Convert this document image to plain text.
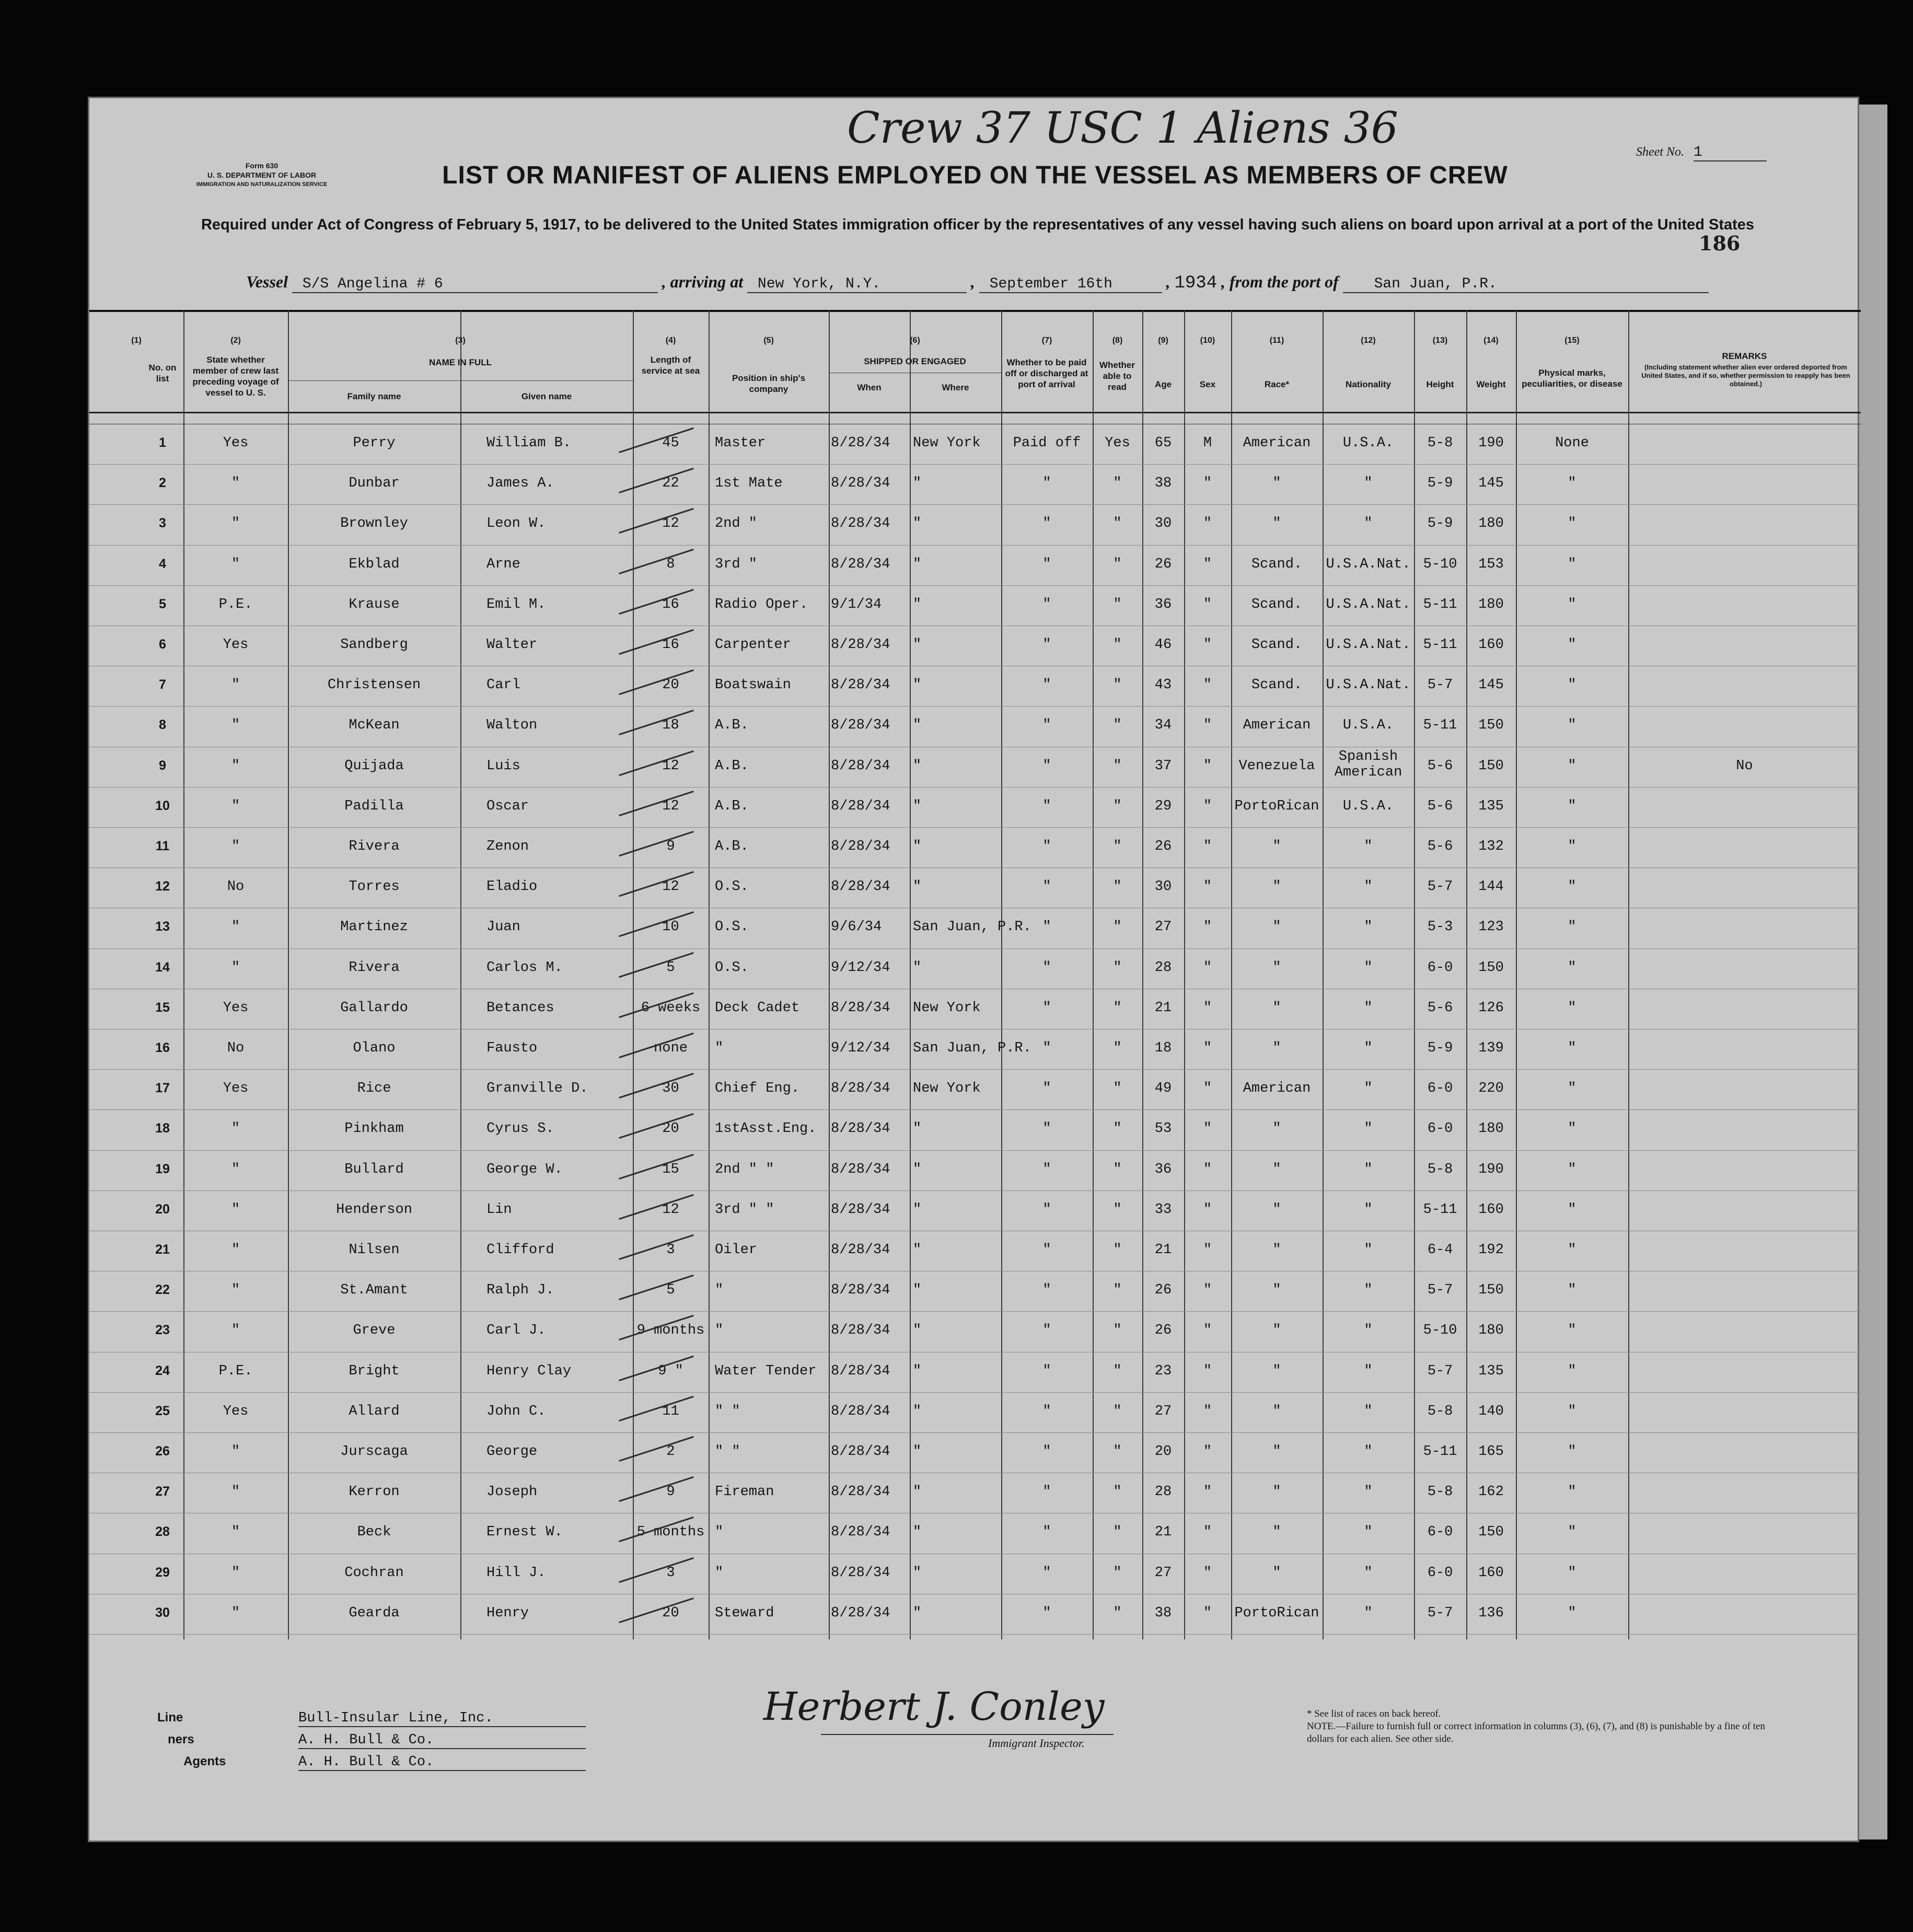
Form 630
U. S. DEPARTMENT OF LABOR
IMMIGRATION AND NATURALIZATION SERVICE
Crew 37 USC 1 Aliens 36	Sheet No. 1
LIST OR MANIFEST OF ALIENS EMPLOYED ON THE VESSEL AS MEMBERS OF CREW
Required under Act of Congress of February 5, 1917, to be delivered to the United States immigration officer by the representatives of any vessel having such aliens on board upon arrival at a port of the United States
186
Vessel S/S Angelina # 6	, arriving at New York, N.Y.	, September 16th	, 1934 , from the port of San Juan, P.R.
(1)	(2)	(3)	(4)	(5)	(6)	(7)	(8)	(9)	(10)	(11)	(12)	(13)	(14)	(15)
No. on list
State whether member of crew last preceding voyage of vessel to U. S.
NAME IN FULL
Family name	Given name
Length of service at sea
Position in ship's company
SHIPPED OR ENGAGED
When	Where
Whether to be paid off or discharged at port of arrival
Whether able to read	Age	Sex	Race*	Nationality	Height	Weight
Physical marks, peculiarities, or disease
REMARKS
(Including statement whether alien ever ordered deported from United States, and if so, whether permission to reapply has been obtained.)
1	Yes	Perry	William B.	45	Master	8/28/34 New York	Paid off	Yes	65	M	American	U.S.A.	5-8	190	None
2	"	Dunbar	James A.	22	1st Mate	8/28/34 "	"	"	38	"	"	"	5-9	145	"
3	"	Brownley	Leon W.	12	2nd "	8/28/34 "	"	"	30	"	"	"	5-9	180	"
4	"	Ekblad	Arne	8	3rd "	8/28/34 "	"	"	26	"	Scand.	U.S.A.Nat. 5-10	153	"
5	P.E.	Krause	Emil M.	16	Radio Oper. 9/1/34 "	"	"	36	"	Scand.	U.S.A.Nat. 5-11	180	"
6	Yes	Sandberg	Walter	16	Carpenter	8/28/34 "	"	"	46	"	Scand.	U.S.A.Nat. 5-11	160	"
7	"	Christensen	Carl	20	Boatswain	8/28/34 "	"	"	43	"	Scand.	U.S.A.Nat.	5-7	145	"
8	"	McKean	Walton	18	A.B.	8/28/34 "	"	"	34	"	American	U.S.A.	5-11	150	"
9	"	Quijada	Luis	12	A.B.	8/28/34 "	"	"	37	"	Venezuela
Spanish American	5-6	150	"	No
10	"	Padilla	Oscar	12	A.B.	8/28/34 "	"	"	29	"	PortoRican	U.S.A.	5-6	135	"
11	"	Rivera	Zenon	9	A.B.	8/28/34 "	"	"	26	"	"	"	5-6	132	"
12	No	Torres	Eladio	12	O.S.	8/28/34 "	"	"	30	"	"	"	5-7	144	"
13	"	Martinez	Juan	10	O.S.	9/6/34 San Juan, P.R. "	"	27	"	"	"	5-3	123	"
14	"	Rivera	Carlos M.	5	O.S.	9/12/34 "	"	"	28	"	"	"	6-0	150	"
15	Yes	Gallardo	Betances	6 weeks	Deck Cadet 8/28/34 New York	"	"	21	"	"	"	5-6	126	"
16	No	Olano	Fausto	none	"	9/12/34 San Juan, P.R. "	"	18	"	"	"	5-9	139	"
17	Yes	Rice	Granville D.	30	Chief Eng. 8/28/34 New York	"	"	49	"	American	"	6-0	220	"
18	"	Pinkham	Cyrus S.	20	1stAsst.Eng. 8/28/34 "	"	"	53	"	"	"	6-0	180	"
19	"	Bullard	George W.	15	2nd " "	8/28/34 "	"	"	36	"	"	"	5-8	190	"
20	"	Henderson	Lin	12	3rd " "	8/28/34 "	"	"	33	"	"	"	5-11	160	"
21	"	Nilsen	Clifford	3	Oiler	8/28/34 "	"	"	21	"	"	"	6-4	192	"
22	"	St.Amant	Ralph J.	5	"	8/28/34 "	"	"	26	"	"	"	5-7	150	"
23	"	Greve	Carl J.	9 months "	8/28/34 "	"	"	26	"	"	"	5-10	180	"
24	P.E.	Bright	Henry Clay	9 "	Water Tender 8/28/34 "	"	"	23	"	"	"	5-7	135	"
25	Yes	Allard	John C.	11	" "	8/28/34 "	"	"	27	"	"	"	5-8	140	"
26	"	Jurscaga	George	2	" "	8/28/34 "	"	"	20	"	"	"	5-11	165	"
27	"	Kerron	Joseph	9	Fireman	8/28/34 "	"	"	28	"	"	"	5-8	162	"
28	"	Beck	Ernest W.	5 months "	8/28/34 "	"	"	21	"	"	"	6-0	150	"
29	"	Cochran	Hill J.	3	"	8/28/34 "	"	"	27	"	"	"	6-0	160	"
30	"	Gearda	Henry	20	Steward	8/28/34 "	"	"	38	"	PortoRican	"	5-7	136	"
Line	Bull-Insular Line, Inc.
ners	A. H. Bull & Co.
Agents	A. H. Bull & Co.
Herbert J. Conley
Immigrant Inspector.
* See list of races on back hereof.
NOTE.—Failure to furnish full or correct information in columns (3), (6), (7), and (8) is punishable by a fine of ten dollars for each alien. See other side.
